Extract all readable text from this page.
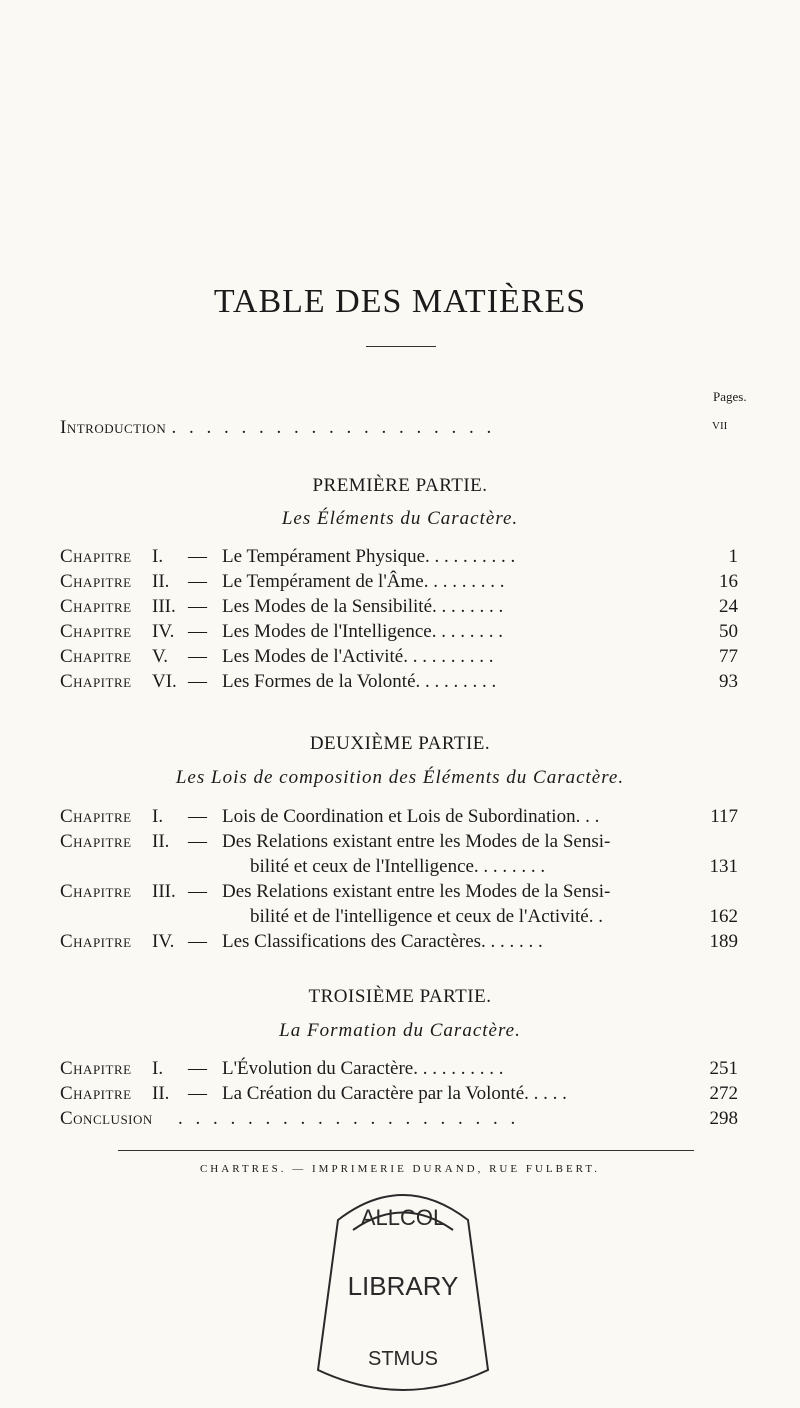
TABLE DES MATIÈRES
Pages.
Introduction . . . . . . . . . . . . . . . . . . .	vii
PREMIÈRE PARTIE.
Les Éléments du Caractère.
Chapitre I. — Le Tempérament Physique. . . . . . . . . .	1
Chapitre II. — Le Tempérament de l'Âme. . . . . . . . .	16
Chapitre III. — Les Modes de la Sensibilité. . . . . . . .	24
Chapitre IV. — Les Modes de l'Intelligence. . . . . . . .	50
Chapitre V. — Les Modes de l'Activité. . . . . . . . . .	77
Chapitre VI. — Les Formes de la Volonté. . . . . . . . .	93
DEUXIÈME PARTIE.
Les Lois de composition des Éléments du Caractère.
Chapitre I. — Lois de Coordination et Lois de Subordination. . .	117
Chapitre II. — Des Relations existant entre les Modes de la Sensi-
bilité et ceux de l'Intelligence. . . . . . . .	131
Chapitre III. — Des Relations existant entre les Modes de la Sensi-
bilité et de l'intelligence et ceux de l'Activité. .	162
Chapitre IV. — Les Classifications des Caractères. . . . . . .	189
TROISIÈME PARTIE.
La Formation du Caractère.
Chapitre I. — L'Évolution du Caractère. . . . . . . . . .	251
Chapitre II. — La Création du Caractère par la Volonté. . . . .	272
Conclusion . . . . . . . . . . . . . . . . . . . .	298
CHARTRES. — IMPRIMERIE DURAND, RUE FULBERT.
ALLCOL
LIBRARY
STMUS
